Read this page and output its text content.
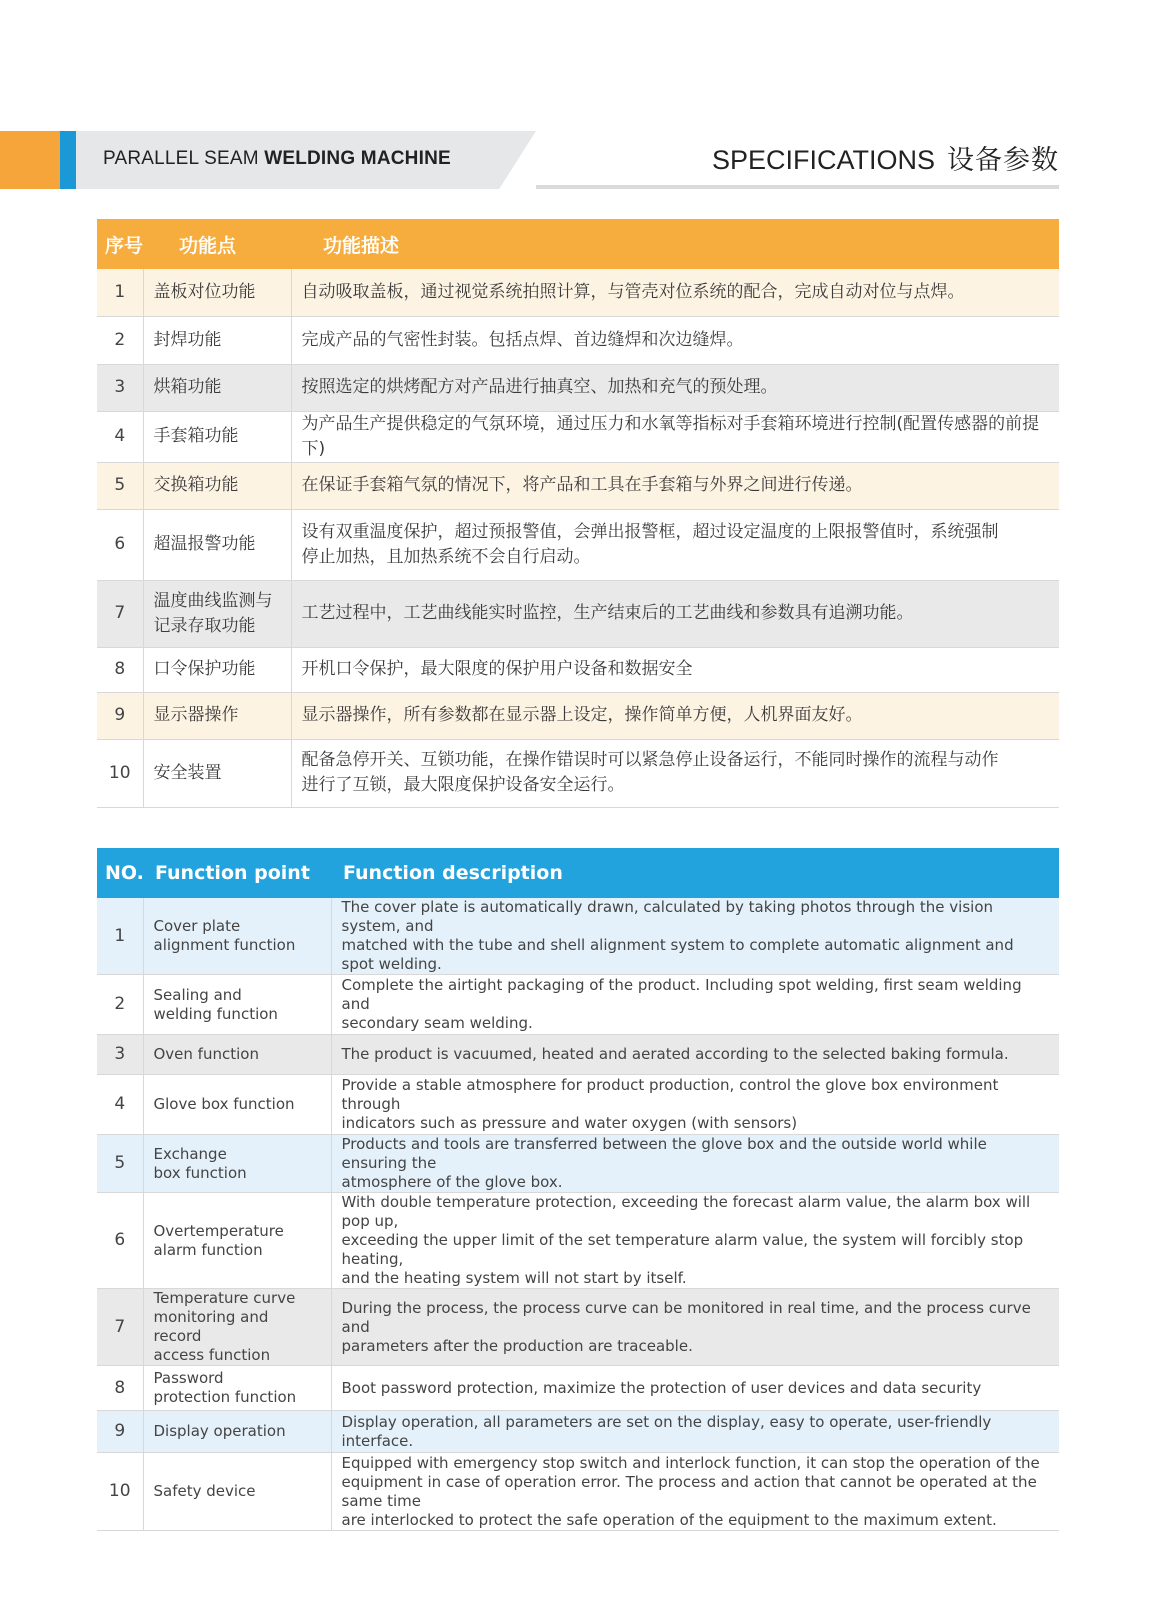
PARALLEL SEAM WELDING MACHINE	SPECIFICATIONS 设备参数
序号	功能点	功能描述

1	盖板对位功能	自动吸取盖板，通过视觉系统拍照计算，与管壳对位系统的配合，完成自动对位与点焊。

2	封焊功能	完成产品的气密性封装。包括点焊、首边缝焊和次边缝焊。

3	烘箱功能	按照选定的烘烤配方对产品进行抽真空、加热和充气的预处理。

4	手套箱功能	为产品生产提供稳定的气氛环境，通过压力和水氧等指标对手套箱环境进行控制(配置传感器的前提下)

5	交换箱功能	在保证手套箱气氛的情况下，将产品和工具在手套箱与外界之间进行传递。

6	超温报警功能	设有双重温度保护，超过预报警值，会弹出报警框，超过设定温度的上限报警值时，系统强制
停止加热，且加热系统不会自行启动。

7	温度曲线监测与
记录存取功能	工艺过程中，工艺曲线能实时监控，生产结束后的工艺曲线和参数具有追溯功能。

8	口令保护功能	开机口令保护，最大限度的保护用户设备和数据安全

9	显示器操作	显示器操作，所有参数都在显示器上设定，操作简单方便，人机界面友好。

10	安全装置	配备急停开关、互锁功能，在操作错误时可以紧急停止设备运行，不能同时操作的流程与动作
进行了互锁，最大限度保护设备安全运行。
NO.	Function point	Function description

1	Cover plate
alignment function	The cover plate is automatically drawn, calculated by taking photos through the vision system, and
matched with the tube and shell alignment system to complete automatic alignment and spot welding.

2	Sealing and
welding function	Complete the airtight packaging of the product. Including spot welding, first seam welding and
secondary seam welding.

3	Oven function	The product is vacuumed, heated and aerated according to the selected baking formula.

4	Glove box function	Provide a stable atmosphere for product production, control the glove box environment through
indicators such as pressure and water oxygen (with sensors)

5	Exchange
box function	Products and tools are transferred between the glove box and the outside world while ensuring the
atmosphere of the glove box.

6	Overtemperature
alarm function	With double temperature protection, exceeding the forecast alarm value, the alarm box will pop up,
exceeding the upper limit of the set temperature alarm value, the system will forcibly stop heating,
and the heating system will not start by itself.

7	Temperature curve
monitoring and record
access function	During the process, the process curve can be monitored in real time, and the process curve and
parameters after the production are traceable.

8	Password
protection function	Boot password protection, maximize the protection of user devices and data security

9	Display operation	Display operation, all parameters are set on the display, easy to operate, user-friendly interface.

10	Safety device	Equipped with emergency stop switch and interlock function, it can stop the operation of the
equipment in case of operation error. The process and action that cannot be operated at the same time
are interlocked to protect the safe operation of the equipment to the maximum extent.
